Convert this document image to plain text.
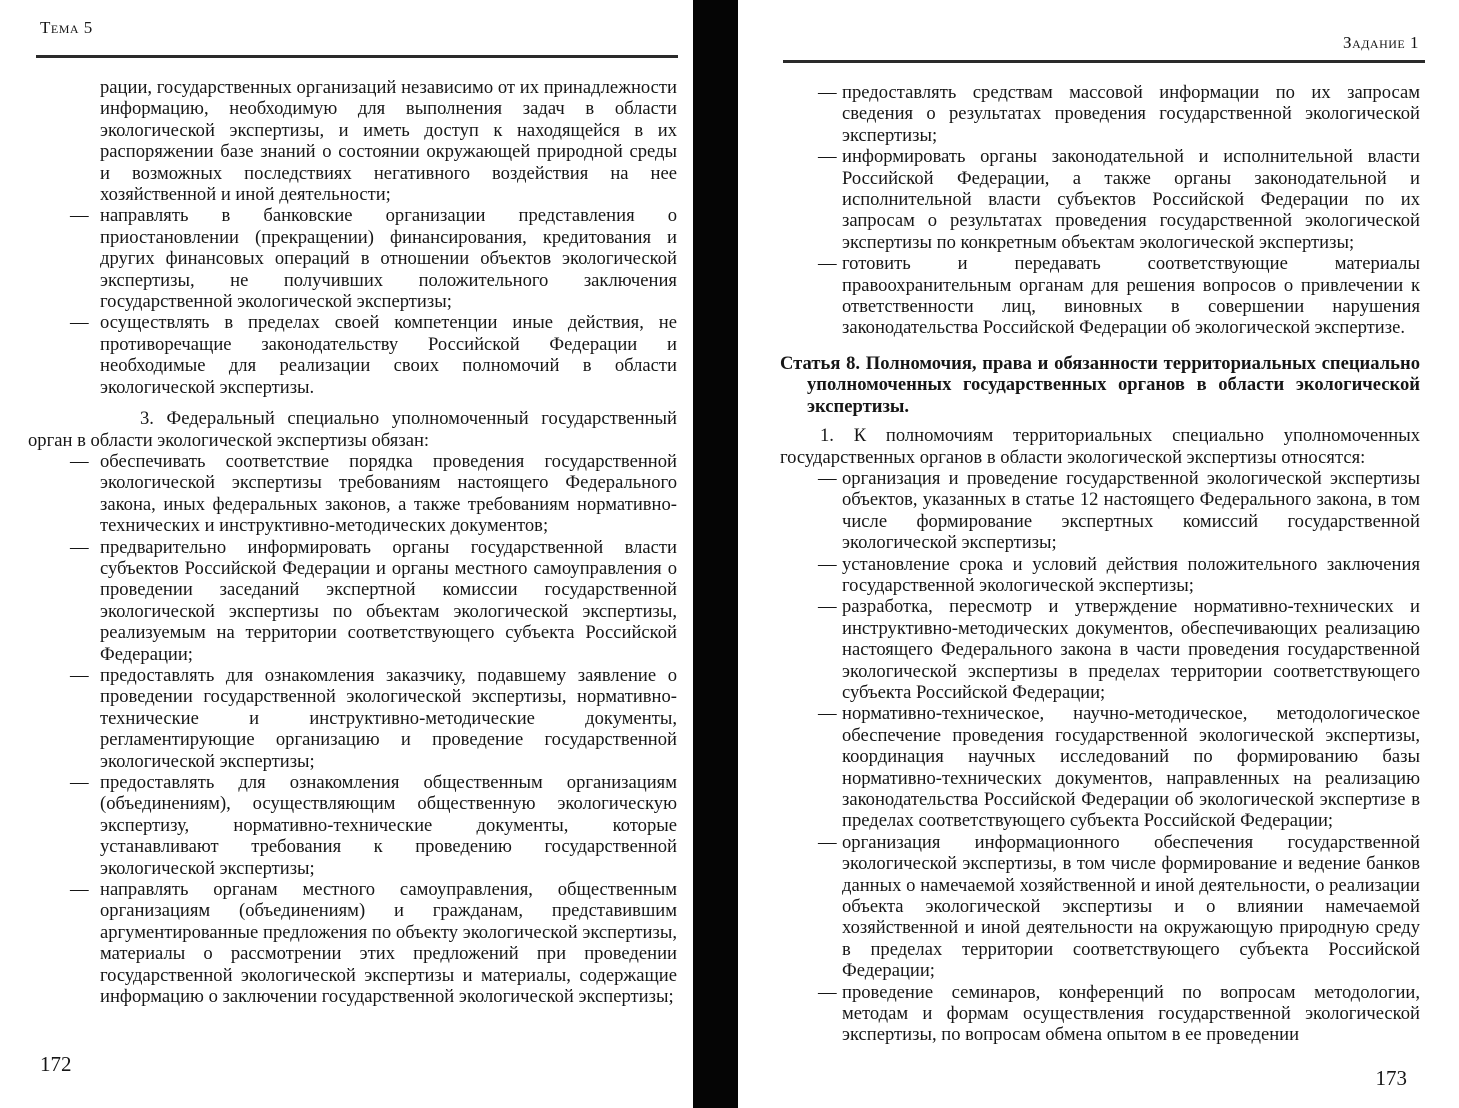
Тема 5

рации, государственных организаций независимо от их принадлежности информацию, необходимую для выполнения задач в области экологической экспертизы, и иметь доступ к находящейся в их распоряжении базе знаний о состоянии окружающей природной среды и возможных последствиях негативного воздействия на нее хозяйственной и иной деятельности;

— направлять в банковские организации представления о приостановлении (прекращении) финансирования, кредитования и других финансовых операций в отношении объектов экологической экспертизы, не получивших положительного заключения государственной экологической экспертизы;

— осуществлять в пределах своей компетенции иные действия, не противоречащие законодательству Российской Федерации и необходимые для реализации своих полномочий в области экологической экспертизы.

3. Федеральный специально уполномоченный государственный орган в области экологической экспертизы обязан:

— обеспечивать соответствие порядка проведения государственной экологической экспертизы требованиям настоящего Федерального закона, иных федеральных законов, а также требованиям нормативно-технических и инструктивно-методических документов;

— предварительно информировать органы государственной власти субъектов Российской Федерации и органы местного самоуправления о проведении заседаний экспертной комиссии государственной экологической экспертизы по объектам экологической экспертизы, реализуемым на территории соответствующего субъекта Российской Федерации;

— предоставлять для ознакомления заказчику, подавшему заявление о проведении государственной экологической экспертизы, нормативно-технические и инструктивно-методические документы, регламентирующие организацию и проведение государственной экологической экспертизы;

— предоставлять для ознакомления общественным организациям (объединениям), осуществляющим общественную экологическую экспертизу, нормативно-технические документы, которые устанавливают требования к проведению государственной экологической экспертизы;

— направлять органам местного самоуправления, общественным организациям (объединениям) и гражданам, представившим аргументированные предложения по объекту экологической экспертизы, материалы о рассмотрении этих предложений при проведении государственной экологической экспертизы и материалы, содержащие информацию о заключении государственной экологической экспертизы;

172
Задание 1
— предоставлять средствам массовой информации по их запросам сведения о результатах проведения государственной экологической экспертизы;

— информировать органы законодательной и исполнительной власти Российской Федерации, а также органы законодательной и исполнительной власти субъектов Российской Федерации по их запросам о результатах проведения государственной экологической экспертизы по конкретным объектам экологической экспертизы;

— готовить и передавать соответствующие материалы правоохранительным органам для решения вопросов о привлечении к ответственности лиц, виновных в совершении нарушения законодательства Российской Федерации об экологической экспертизе.

Статья 8. Полномочия, права и обязанности территориальных специально уполномоченных государственных органов в области экологической экспертизы.

1. К полномочиям территориальных специально уполномоченных государственных органов в области экологической экспертизы относятся:

— организация и проведение государственной экологической экспертизы объектов, указанных в статье 12 настоящего Федерального закона, в том числе формирование экспертных комиссий государственной экологической экспертизы;

— установление срока и условий действия положительного заключения государственной экологической экспертизы;

— разработка, пересмотр и утверждение нормативно-технических и инструктивно-методических документов, обеспечивающих реализацию настоящего Федерального закона в части проведения государственной экологической экспертизы в пределах территории соответствующего субъекта Российской Федерации;

— нормативно-техническое, научно-методическое, методологическое обеспечение проведения государственной экологической экспертизы, координация научных исследований по формированию базы нормативно-технических документов, направленных на реализацию законодательства Российской Федерации об экологической экспертизе в пределах соответствующего субъекта Российской Федерации;

— организация информационного обеспечения государственной экологической экспертизы, в том числе формирование и ведение банков данных о намечаемой хозяйственной и иной деятельности, о реализации объекта экологической экспертизы и о влиянии намечаемой хозяйственной и иной деятельности на окружающую природную среду в пределах территории соответствующего субъекта Российской Федерации;

— проведение семинаров, конференций по вопросам методологии, методам и формам осуществления государственной экологической экспертизы, по вопросам обмена опытом в ее проведении

173
